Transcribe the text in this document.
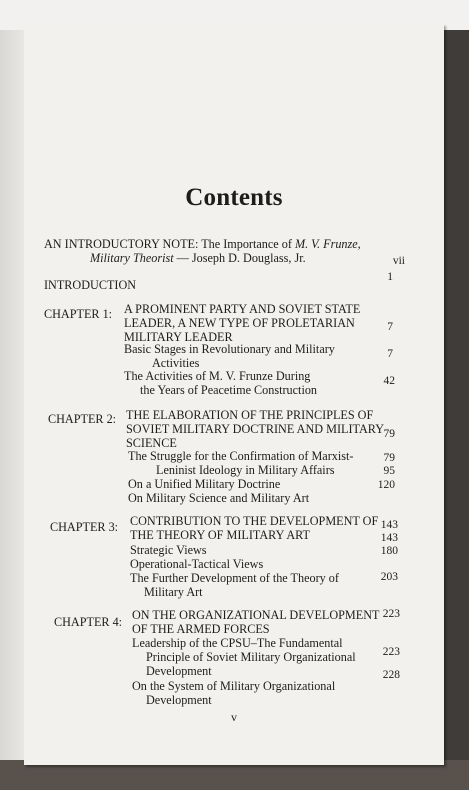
Contents
AN INTRODUCTORY NOTE: The Importance of M. V. Frunze,
Military Theorist — Joseph D. Douglass, Jr.	vii
INTRODUCTION
1
CHAPTER 1: A PROMINENT PARTY AND SOVIET STATE
LEADER, A NEW TYPE OF PROLETARIAN
MILITARY LEADER
7
Basic Stages in Revolutionary and Military
Activities
7
The Activities of M. V. Frunze During
the Years of Peacetime Construction
42
CHAPTER 2: THE ELABORATION OF THE PRINCIPLES OF
SOVIET MILITARY DOCTRINE AND MILITARY
SCIENCE
79
The Struggle for the Confirmation of Marxist-
Leninist Ideology in Military Affairs
79
On a Unified Military Doctrine
95
On Military Science and Military Art
120
CHAPTER 3: CONTRIBUTION TO THE DEVELOPMENT OF
THE THEORY OF MILITARY ART
143
Strategic Views
143
Operational-Tactical Views
180
The Further Development of the Theory of
Military Art
203
CHAPTER 4: ON THE ORGANIZATIONAL DEVELOPMENT
OF THE ARMED FORCES
223
Leadership of the CPSU–The Fundamental
Principle of Soviet Military Organizational
Development
223
On the System of Military Organizational
Development
228
v
